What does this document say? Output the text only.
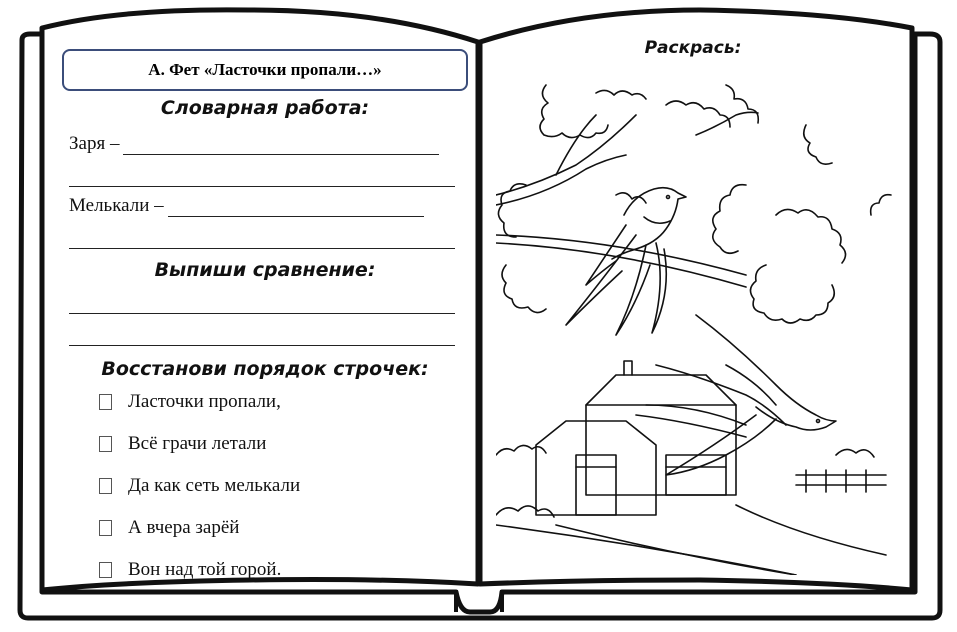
А. Фет «Ласточки пропали…»
Словарная работа:
Заря –
Мелькали –
Выпиши сравнение:
Восстанови порядок строчек:
Ласточки пропали,
Всё грачи летали
Да как сеть мелькали
А вчера зарёй
Вон над той горой.
Раскрась:
